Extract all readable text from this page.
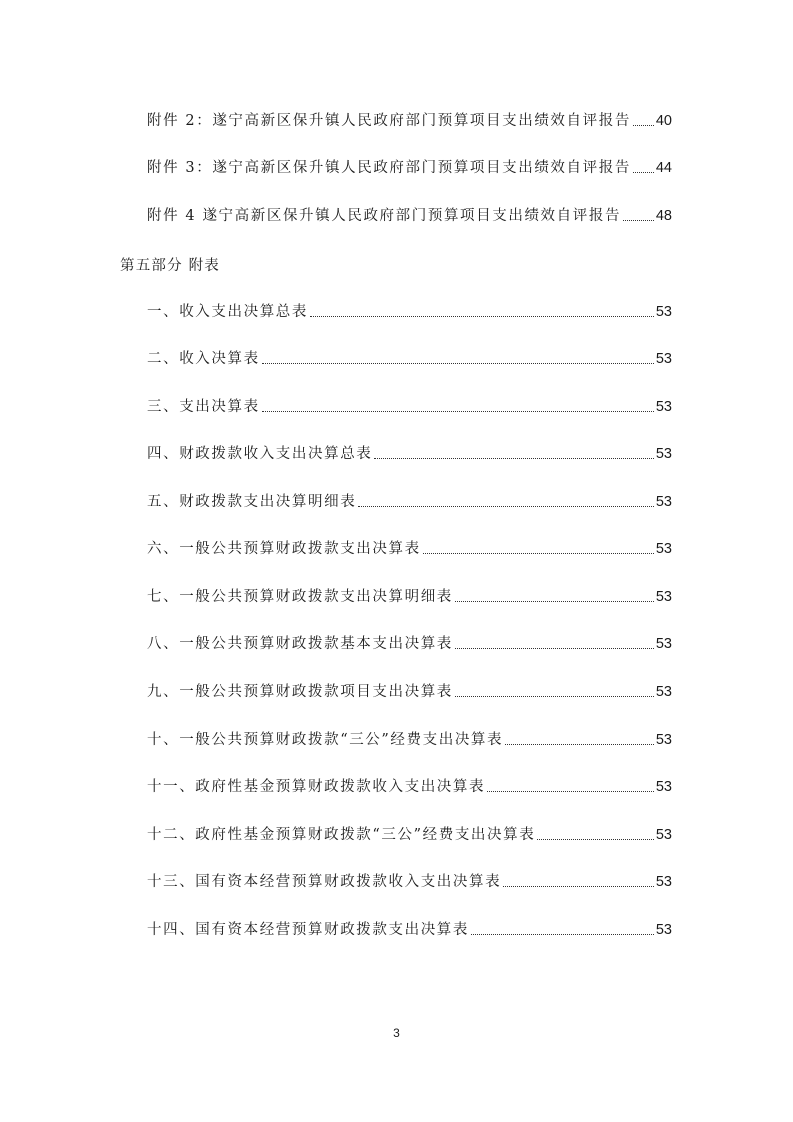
附件 2：遂宁高新区保升镇人民政府部门预算项目支出绩效自评报告 40
附件 3：遂宁高新区保升镇人民政府部门预算项目支出绩效自评报告 44
附件 4 遂宁高新区保升镇人民政府部门预算项目支出绩效自评报告 48
第五部分 附表
一、收入支出决算总表	53
二、收入决算表	53
三、支出决算表	53
四、财政拨款收入支出决算总表	53
五、财政拨款支出决算明细表	53
六、一般公共预算财政拨款支出决算表	53
七、一般公共预算财政拨款支出决算明细表	53
八、一般公共预算财政拨款基本支出决算表	53
九、一般公共预算财政拨款项目支出决算表	53
十、一般公共预算财政拨款“三公”经费支出决算表	53
十一、政府性基金预算财政拨款收入支出决算表	53
十二、政府性基金预算财政拨款“三公”经费支出决算表	53
十三、国有资本经营预算财政拨款收入支出决算表	53
十四、国有资本经营预算财政拨款支出决算表	53
3
